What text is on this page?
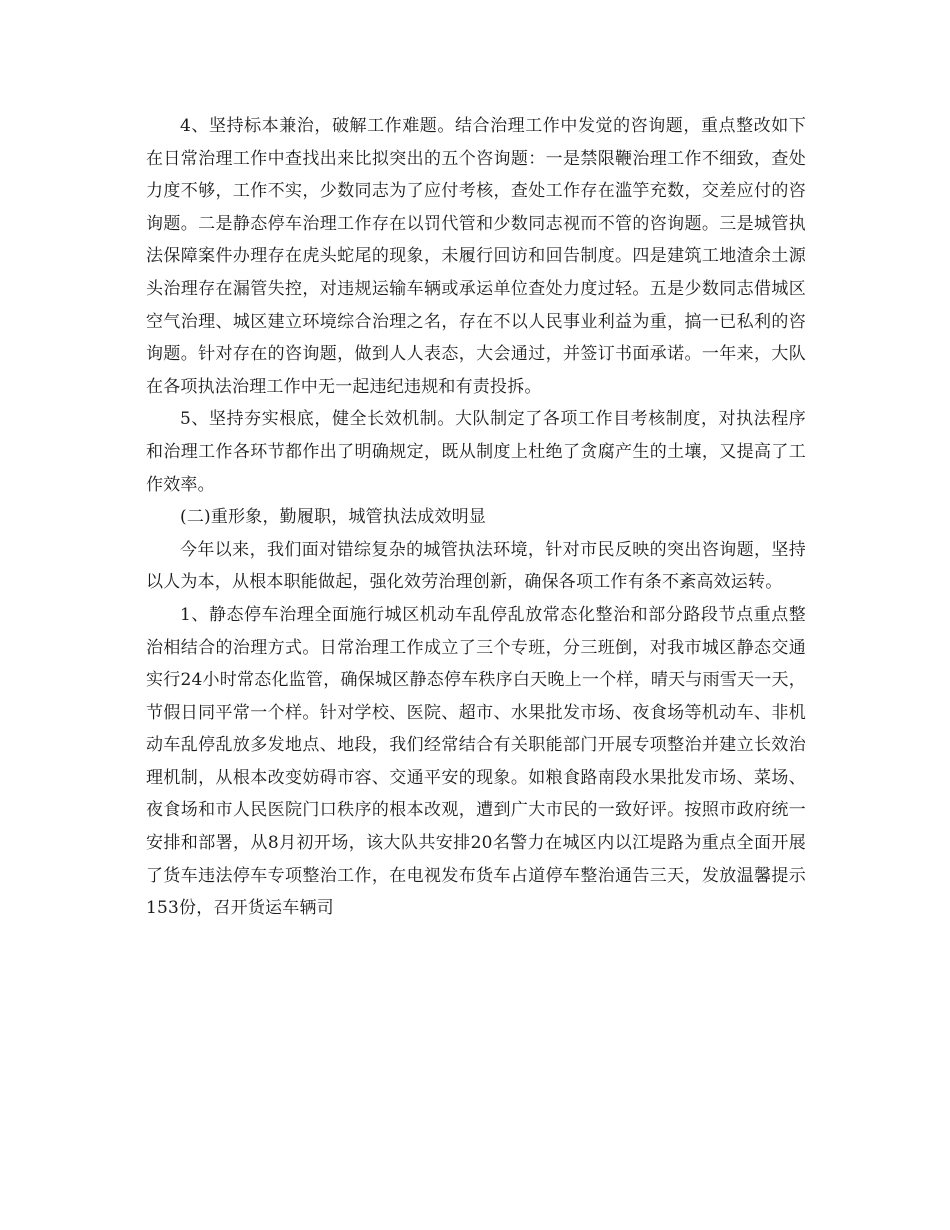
4、坚持标本兼治，破解工作难题。结合治理工作中发觉的咨询题，重点整改如下在日常治理工作中查找出来比拟突出的五个咨询题：一是禁限鞭治理工作不细致，查处力度不够，工作不实，少数同志为了应付考核，查处工作存在滥竽充数，交差应付的咨询题。二是静态停车治理工作存在以罚代管和少数同志视而不管的咨询题。三是城管执法保障案件办理存在虎头蛇尾的现象，未履行回访和回告制度。四是建筑工地渣余土源头治理存在漏管失控，对违规运输车辆或承运单位查处力度过轻。五是少数同志借城区空气治理、城区建立环境综合治理之名，存在不以人民事业利益为重，搞一已私利的咨询题。针对存在的咨询题，做到人人表态，大会通过，并签订书面承诺。一年来，大队在各项执法治理工作中无一起违纪违规和有责投拆。

5、坚持夯实根底，健全长效机制。大队制定了各项工作目考核制度，对执法程序和治理工作各环节都作出了明确规定，既从制度上杜绝了贪腐产生的土壤，又提高了工作效率。

(二)重形象，勤履职，城管执法成效明显

今年以来，我们面对错综复杂的城管执法环境，针对市民反映的突出咨询题，坚持以人为本，从根本职能做起，强化效劳治理创新，确保各项工作有条不紊高效运转。

1、静态停车治理全面施行城区机动车乱停乱放常态化整治和部分路段节点重点整治相结合的治理方式。日常治理工作成立了三个专班，分三班倒，对我市城区静态交通实行24小时常态化监管，确保城区静态停车秩序白天晚上一个样，晴天与雨雪天一天，节假日同平常一个样。针对学校、医院、超市、水果批发市场、夜食场等机动车、非机动车乱停乱放多发地点、地段，我们经常结合有关职能部门开展专项整治并建立长效治理机制，从根本改变妨碍市容、交通平安的现象。如粮食路南段水果批发市场、菜场、夜食场和市人民医院门口秩序的根本改观，遭到广大市民的一致好评。按照市政府统一安排和部署，从8月初开场，该大队共安排20名警力在城区内以江堤路为重点全面开展了货车违法停车专项整治工作，在电视发布货车占道停车整治通告三天，发放温馨提示153份，召开货运车辆司
